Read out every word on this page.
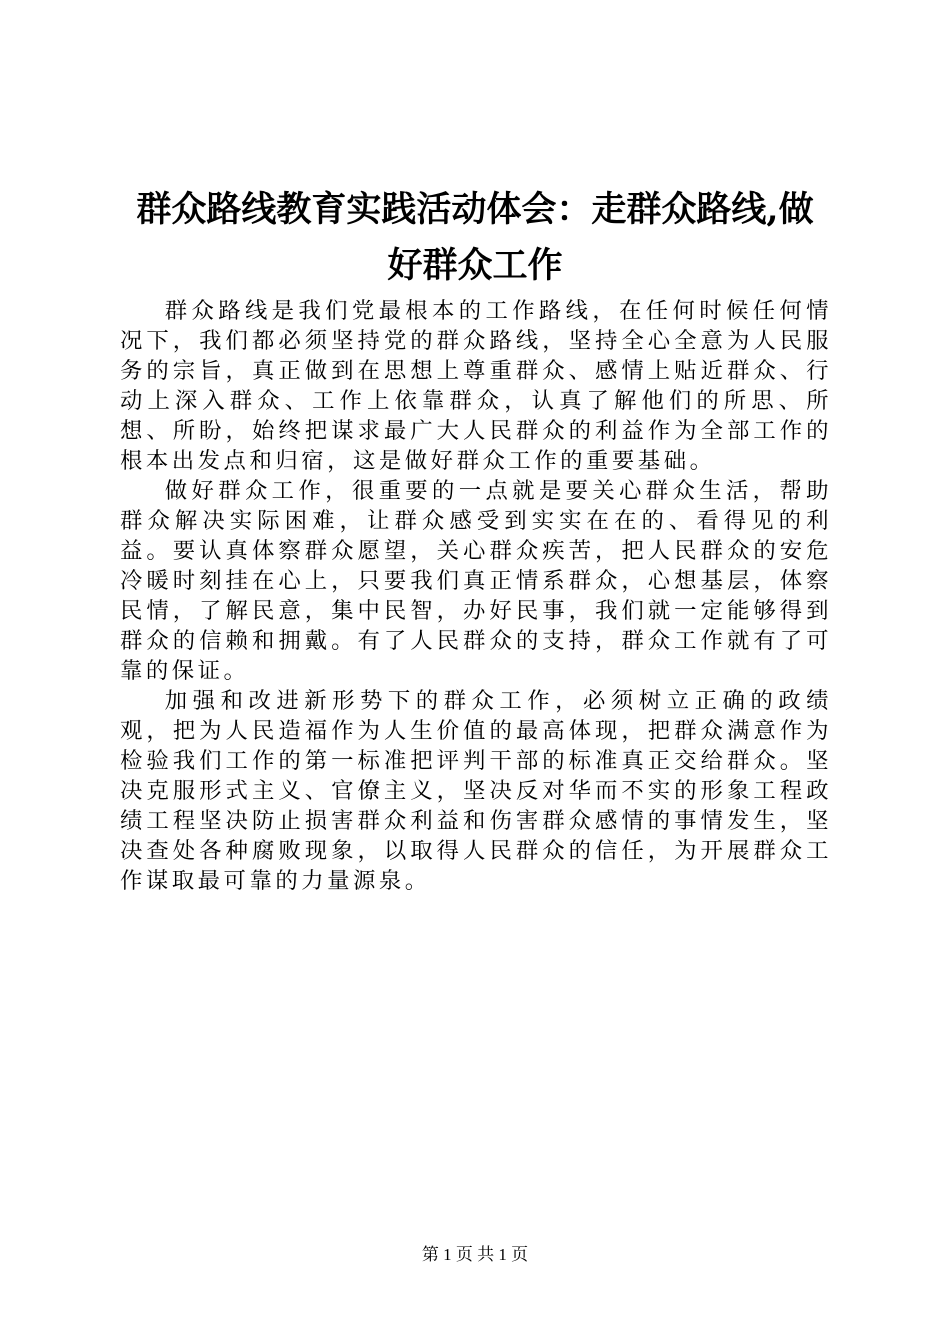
群众路线教育实践活动体会：走群众路线,做好群众工作

群众路线是我们党最根本的工作路线，在任何时候任何情况下，我们都必须坚持党的群众路线，坚持全心全意为人民服务的宗旨，真正做到在思想上尊重群众、感情上贴近群众、行动上深入群众、工作上依靠群众，认真了解他们的所思、所想、所盼，始终把谋求最广大人民群众的利益作为全部工作的根本出发点和归宿，这是做好群众工作的重要基础。

做好群众工作，很重要的一点就是要关心群众生活，帮助群众解决实际困难，让群众感受到实实在在的、看得见的利益。要认真体察群众愿望，关心群众疾苦，把人民群众的安危冷暖时刻挂在心上，只要我们真正情系群众，心想基层，体察民情，了解民意，集中民智，办好民事，我们就一定能够得到群众的信赖和拥戴。有了人民群众的支持，群众工作就有了可靠的保证。

加强和改进新形势下的群众工作，必须树立正确的政绩观，把为人民造福作为人生价值的最高体现，把群众满意作为检验我们工作的第一标准把评判干部的标准真正交给群众。坚决克服形式主义、官僚主义，坚决反对华而不实的形象工程政绩工程坚决防止损害群众利益和伤害群众感情的事情发生，坚决查处各种腐败现象，以取得人民群众的信任，为开展群众工作谋取最可靠的力量源泉。

第 1 页 共 1 页
